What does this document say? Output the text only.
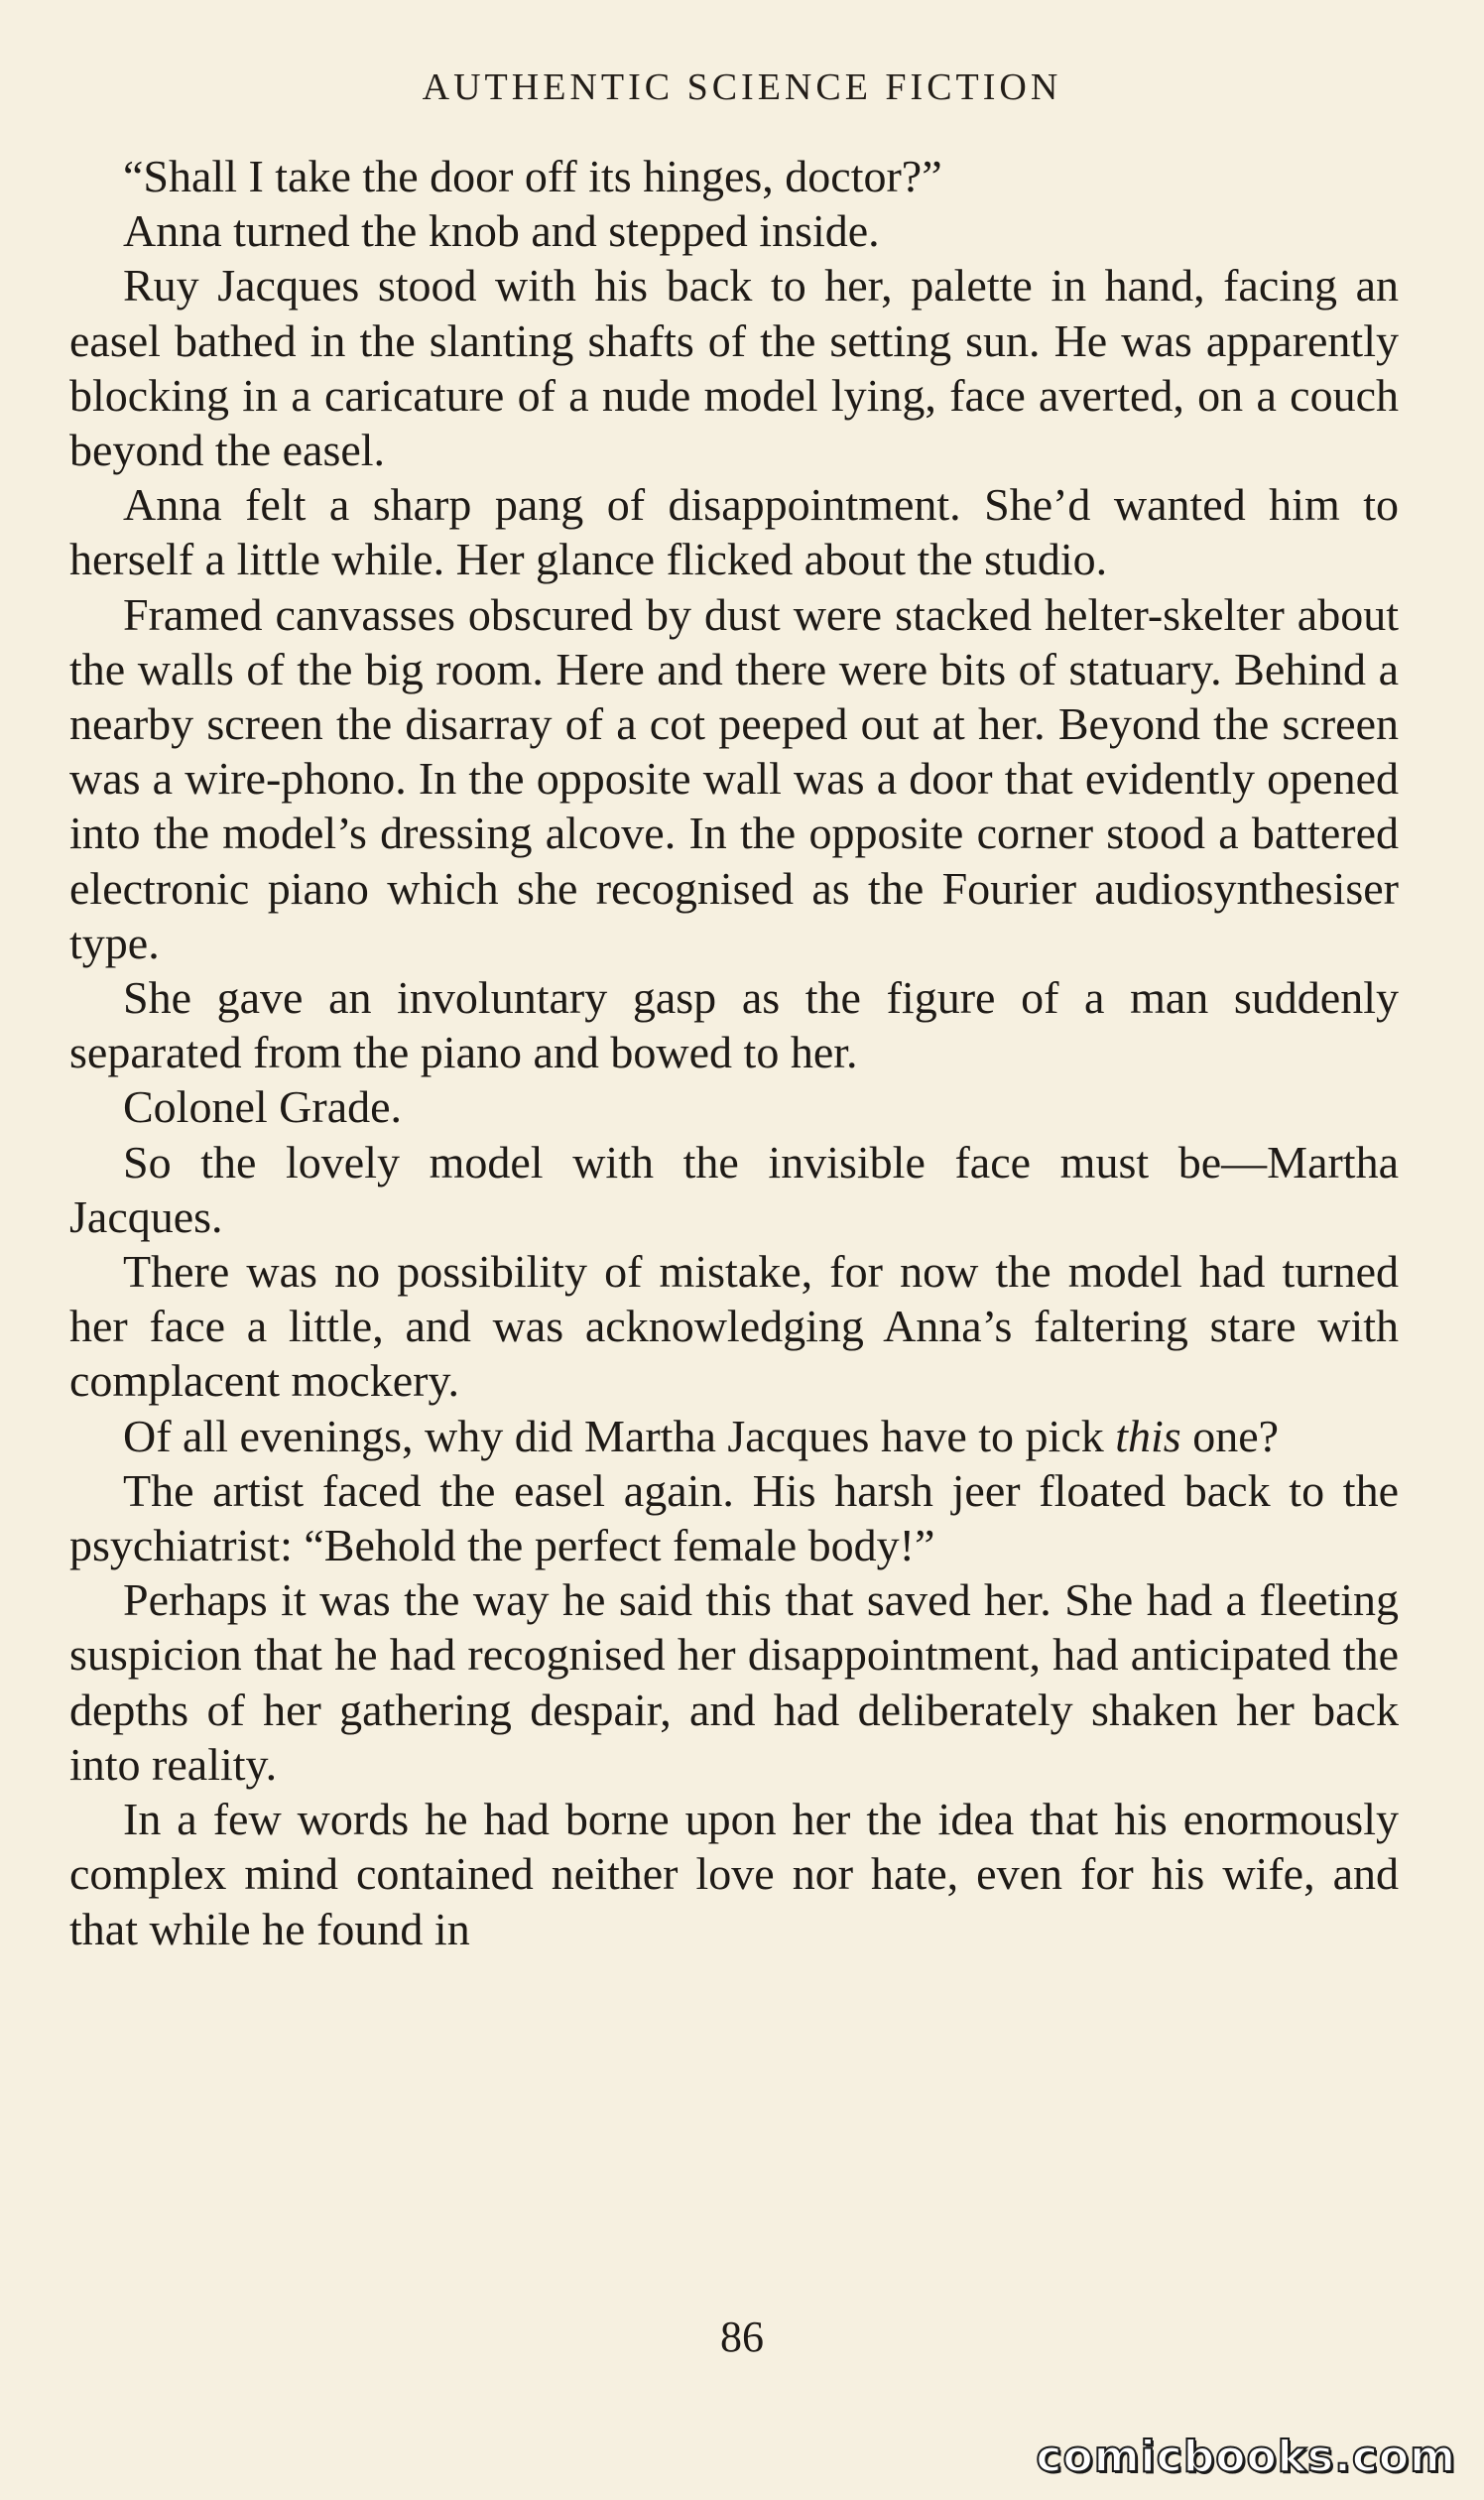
AUTHENTIC SCIENCE FICTION

“Shall I take the door off its hinges, doctor?”

Anna turned the knob and stepped inside.

Ruy Jacques stood with his back to her, palette in hand, facing an easel bathed in the slanting shafts of the setting sun. He was apparently blocking in a caricature of a nude model lying, face averted, on a couch beyond the easel.

Anna felt a sharp pang of disappointment. She’d wanted him to herself a little while. Her glance flicked about the studio.

Framed canvasses obscured by dust were stacked helter-skelter about the walls of the big room. Here and there were bits of statuary. Behind a nearby screen the disarray of a cot peeped out at her. Beyond the screen was a wire-phono. In the opposite wall was a door that evidently opened into the model’s dressing alcove. In the opposite corner stood a battered electronic piano which she recognised as the Fourier audiosynthesiser type.

She gave an involuntary gasp as the figure of a man suddenly separated from the piano and bowed to her.

Colonel Grade.

So the lovely model with the invisible face must be—Martha Jacques.

There was no possibility of mistake, for now the model had turned her face a little, and was acknowledging Anna’s faltering stare with complacent mockery.

Of all evenings, why did Martha Jacques have to pick this one?

The artist faced the easel again. His harsh jeer floated back to the psychiatrist: “Behold the perfect female body!”

Perhaps it was the way he said this that saved her. She had a fleeting suspicion that he had recognised her disappointment, had anticipated the depths of her gathering despair, and had deliberately shaken her back into reality.

In a few words he had borne upon her the idea that his enormously complex mind contained neither love nor hate, even for his wife, and that while he found in

86
comicbooks.com
